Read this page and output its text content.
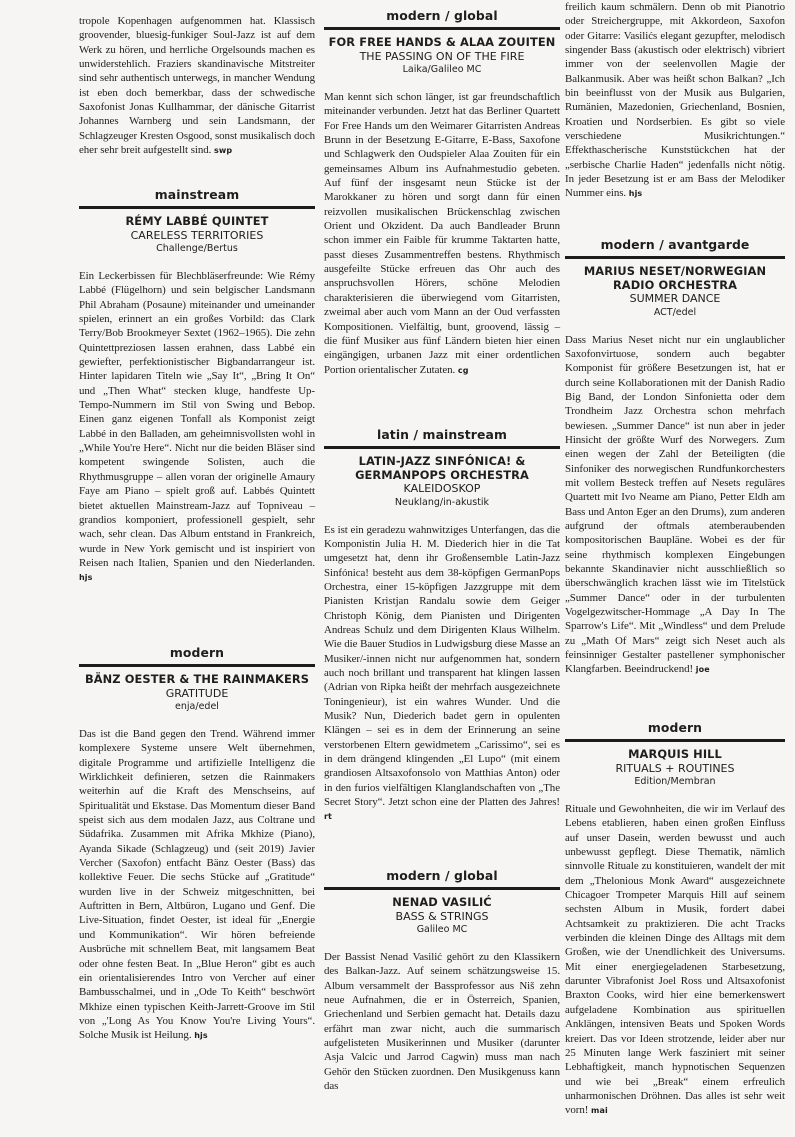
tropole Kopenhagen aufgenommen hat. Klassisch groovender, bluesig-funkiger Soul-Jazz ist auf dem Werk zu hören, und herrliche Orgelsounds machen es unwiderstehlich. Fraziers skandinavische Mitstreiter sind sehr authentisch unterwegs, in mancher Wendung ist eben doch bemerkbar, dass der schwedische Saxofonist Jonas Kullhammar, der dänische Gitarrist Johannes Warnberg und sein Landsmann, der Schlagzeuger Kresten Osgood, sonst musikalisch doch eher sehr breit aufgestellt sind. swp

mainstream
RÉMY LABBÉ QUINTET
CARELESS TERRITORIES
Challenge/Bertus

Ein Leckerbissen für Blechbläserfreunde: Wie Rémy Labbé (Flügelhorn) und sein belgischer Landsmann Phil Abraham (Posaune) miteinander und umeinander spielen, erinnert an ein großes Vorbild: das Clark Terry/Bob Brookmeyer Sextet (1962–1965). Die zehn Quintettpreziosen lassen erahnen, dass Labbé ein gewiefter, perfektionistischer Bigbandarrangeur ist. Hinter lapidaren Titeln wie „Say It“, „Bring It On“ und „Then What“ stecken kluge, handfeste Up-Tempo-Nummern im Stil von Swing und Bebop. Einen ganz eigenen Tonfall als Komponist zeigt Labbé in den Balladen, am geheimnisvollsten wohl in „While You're Here“. Nicht nur die beiden Bläser sind kompetent swingende Solisten, auch die Rhythmusgruppe – allen voran der originelle Amaury Faye am Piano – spielt groß auf. Labbés Quintett bietet aktuellen Mainstream-Jazz auf Topniveau – grandios komponiert, professionell gespielt, sehr wach, sehr clean. Das Album entstand in Frankreich, wurde in New York gemischt und ist inspiriert von Reisen nach Italien, Spanien und den Niederlanden. hjs

modern
BÄNZ OESTER & THE RAINMAKERS
GRATITUDE
enja/edel

Das ist die Band gegen den Trend. Während immer komplexere Systeme unsere Welt übernehmen, digitale Programme und artifizielle Intelligenz die Wirklichkeit definieren, setzen die Rainmakers weiterhin auf die Kraft des Menschseins, auf Spiritualität und Ekstase. Das Momentum dieser Band speist sich aus dem modalen Jazz, aus Coltrane und Südafrika. Zusammen mit Afrika Mkhize (Piano), Ayanda Sikade (Schlagzeug) und (seit 2019) Javier Vercher (Saxofon) entfacht Bänz Oester (Bass) das kollektive Feuer. Die sechs Stücke auf „Gratitude“ wurden live in der Schweiz mitgeschnitten, bei Auftritten in Bern, Altbüron, Lugano und Genf. Die Live-Situation, findet Oester, ist ideal für „Energie und Kommunikation“. Wir hören befreiende Ausbrüche mit schnellem Beat, mit langsamem Beat oder ohne festen Beat. In „Blue Heron“ gibt es auch ein orientalisierendes Intro von Vercher auf einer Bambusschalmei, und in „Ode To Keith“ beschwört Mkhize einen typischen Keith-Jarrett-Groove im Stil von „'Long As You Know You're Living Yours“. Solche Musik ist Heilung. hjs

modern / global
FOR FREE HANDS & ALAA ZOUITEN
THE PASSING ON OF THE FIRE
Laika/Galileo MC

Man kennt sich schon länger, ist gar freundschaftlich miteinander verbunden. Jetzt hat das Berliner Quartett For Free Hands um den Weimarer Gitarristen Andreas Brunn in der Besetzung E-Gitarre, E-Bass, Saxofone und Schlagwerk den Oudspieler Alaa Zouiten für ein gemeinsames Album ins Aufnahmestudio gebeten. Auf fünf der insgesamt neun Stücke ist der Marokkaner zu hören und sorgt dann für einen reizvollen musikalischen Brückenschlag zwischen Orient und Okzident. Da auch Bandleader Brunn schon immer ein Faible für krumme Taktarten hatte, passt dieses Zusammentreffen bestens. Rhythmisch ausgefeilte Stücke erfreuen das Ohr auch des anspruchsvollen Hörers, schöne Melodien charakterisieren die überwiegend vom Gitarristen, zweimal aber auch vom Mann an der Oud verfassten Kompositionen. Vielfältig, bunt, groovend, lässig – die fünf Musiker aus fünf Ländern bieten hier einen eingängigen, urbanen Jazz mit einer ordentlichen Portion orientalischer Zutaten. cg

latin / mainstream
LATIN-JAZZ SINFÓNICA! & GERMANPOPS ORCHESTRA
KALEIDOSKOP
Neuklang/in-akustik

Es ist ein geradezu wahnwitziges Unterfangen, das die Komponistin Julia H. M. Diederich hier in die Tat umgesetzt hat, denn ihr Großensemble Latin-Jazz Sinfónica! besteht aus dem 38-köpfigen GermanPops Orchestra, einer 15-köpfigen Jazzgruppe mit dem Pianisten Kristjan Randalu sowie dem Geiger Christoph König, dem Pianisten und Dirigenten Andreas Schulz und dem Dirigenten Klaus Wilhelm. Wie die Bauer Studios in Ludwigsburg diese Masse an Musiker/-innen nicht nur aufgenommen hat, sondern auch noch brillant und transparent hat klingen lassen (Adrian von Ripka heißt der mehrfach ausgezeichnete Toningenieur), ist ein wahres Wunder. Und die Musik? Nun, Diederich badet gern in opulenten Klängen – sei es in dem der Erinnerung an seine verstorbenen Eltern gewidmetem „Carissimo“, sei es in dem drängend klingenden „El Lupo“ (mit einem grandiosen Altsaxofonsolo von Matthias Anton) oder in den furios vielfältigen Klanglandschaften von „The Secret Story“. Jetzt schon eine der Platten des Jahres! rt

modern / global
NENAD VASILIĆ
BASS & STRINGS
Galileo MC

Der Bassist Nenad Vasilić gehört zu den Klassikern des Balkan-Jazz. Auf seinem schätzungsweise 15. Album versammelt der Bassprofessor aus Niš zehn neue Aufnahmen, die er in Österreich, Spanien, Griechenland und Serbien gemacht hat. Details dazu erfährt man zwar nicht, auch die summarisch aufgelisteten Musikerinnen und Musiker (darunter Asja Valcic und Jarrod Cagwin) muss man nach Gehör den Stücken zuordnen. Den Musikgenuss kann das

freilich kaum schmälern. Denn ob mit Pianotrio oder Streichergruppe, mit Akkordeon, Saxofon oder Gitarre: Vasilićs elegant gezupfter, melodisch singender Bass (akustisch oder elektrisch) vibriert immer von der seelenvollen Magie der Balkanmusik. Aber was heißt schon Balkan? „Ich bin beeinflusst von der Musik aus Bulgarien, Rumänien, Mazedonien, Griechenland, Bosnien, Kroatien und Nordserbien. Es gibt so viele verschiedene Musikrichtungen.“ Effekthascherische Kunststückchen hat der „serbische Charlie Haden“ jedenfalls nicht nötig. In jeder Besetzung ist er am Bass der Melodiker Nummer eins. hjs

modern / avantgarde
MARIUS NESET/NORWEGIAN RADIO ORCHESTRA
SUMMER DANCE
ACT/edel

Dass Marius Neset nicht nur ein unglaublicher Saxofonvirtuose, sondern auch begabter Komponist für größere Besetzungen ist, hat er durch seine Kollaborationen mit der Danish Radio Big Band, der London Sinfonietta oder dem Trondheim Jazz Orchestra schon mehrfach bewiesen. „Summer Dance“ ist nun aber in jeder Hinsicht der größte Wurf des Norwegers. Zum einen wegen der Zahl der Beteiligten (die Sinfoniker des norwegischen Rundfunkorchesters mit vollem Besteck treffen auf Nesets reguläres Quartett mit Ivo Neame am Piano, Petter Eldh am Bass und Anton Eger an den Drums), zum anderen aufgrund der oftmals atemberaubenden kompositorischen Baupläne. Wobei es der für seine rhythmisch komplexen Eingebungen bekannte Skandinavier nicht ausschließlich so überschwänglich krachen lässt wie im Titelstück „Summer Dance“ oder in der turbulenten Vogelgezwitscher-Hommage „A Day In The Sparrow's Life“. Mit „Windless“ und dem Prelude zu „Math Of Mars“ zeigt sich Neset auch als feinsinniger Gestalter pastellener symphonischer Klangfarben. Beeindruckend! joe

modern
MARQUIS HILL
RITUALS + ROUTINES
Edition/Membran

Rituale und Gewohnheiten, die wir im Verlauf des Lebens etablieren, haben einen großen Einfluss auf unser Dasein, werden bewusst und auch unbewusst gepflegt. Diese Thematik, nämlich sinnvolle Rituale zu konstituieren, wandelt der mit dem „Thelonious Monk Award“ ausgezeichnete Chicagoer Trompeter Marquis Hill auf seinem sechsten Album in Musik, fordert dabei Achtsamkeit zu praktizieren. Die acht Tracks verbinden die kleinen Dinge des Alltags mit dem Großen, wie der Unendlichkeit des Universums. Mit einer energiegeladenen Starbesetzung, darunter Vibrafonist Joel Ross und Altsaxofonist Braxton Cooks, wird hier eine bemerkenswert aufgeladene Kombination aus spirituellen Anklängen, intensiven Beats und Spoken Words kreiert. Das vor Ideen strotzende, leider aber nur 25 Minuten lange Werk fasziniert mit seiner Lebhaftigkeit, manch hypnotischen Sequenzen und wie bei „Break“ einem erfreulich unharmonischen Dröhnen. Das alles ist sehr weit vorn! mai
